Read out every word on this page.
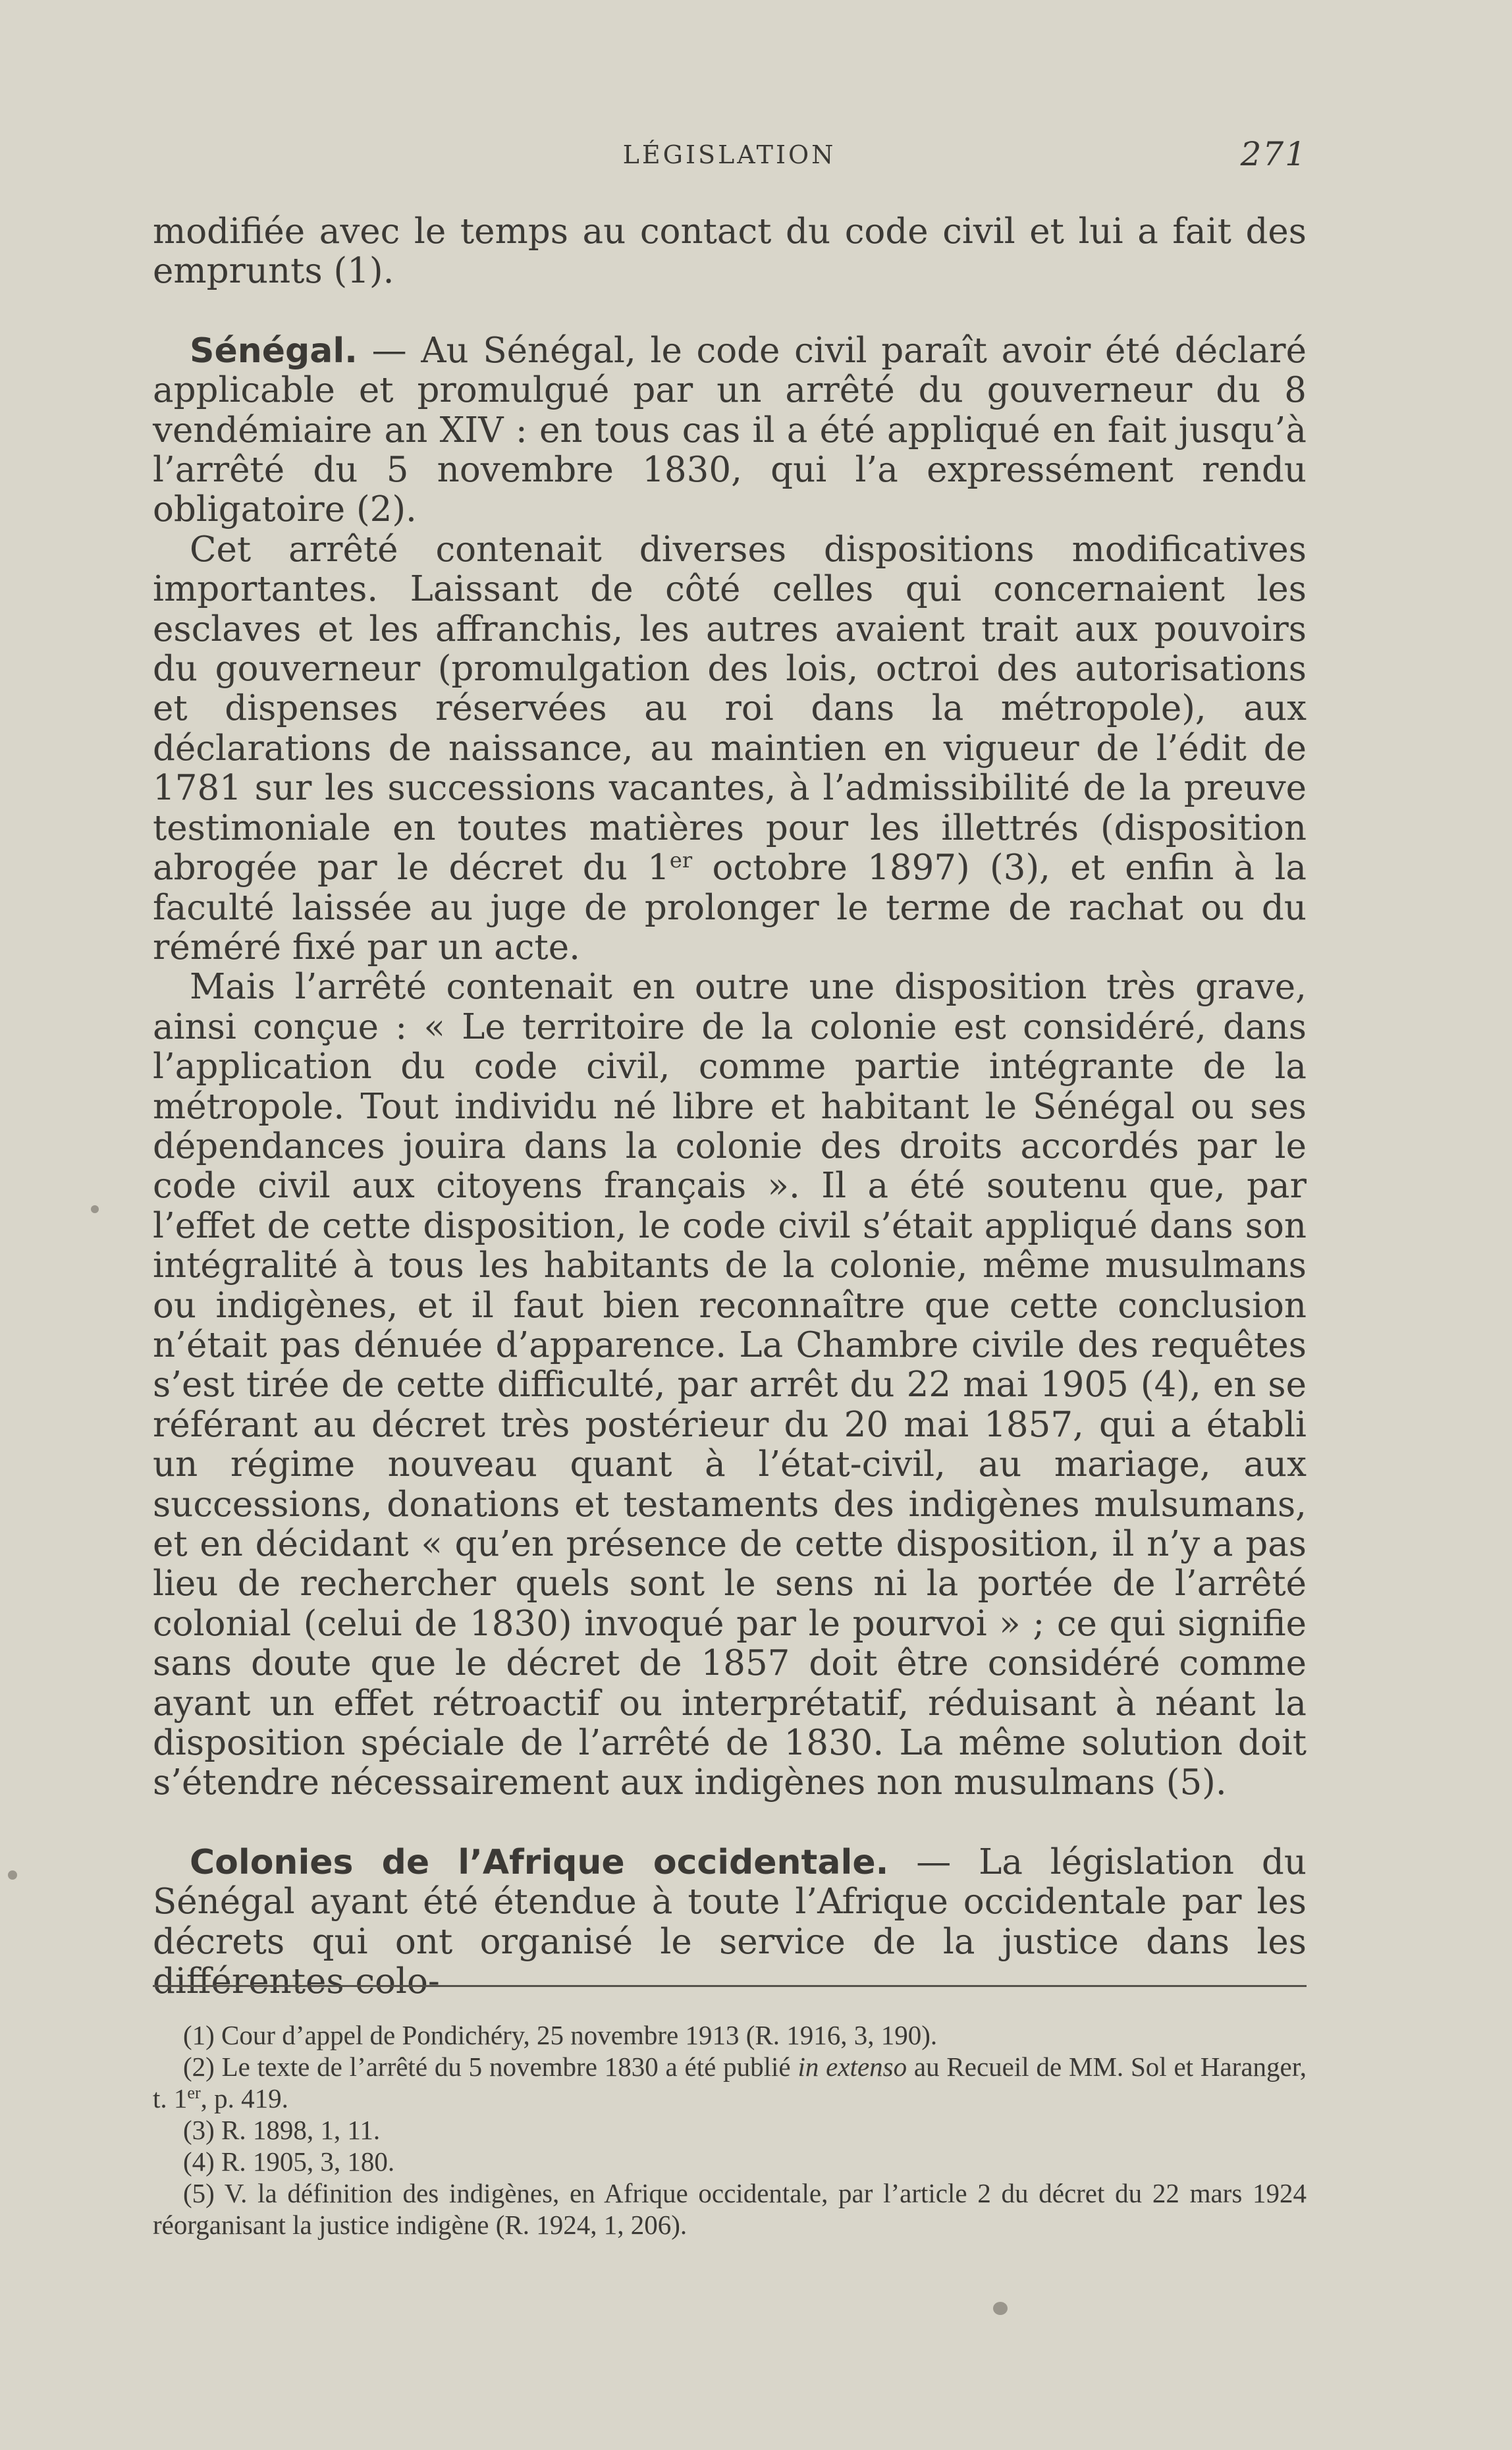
LÉGISLATION	271

modifiée avec le temps au contact du code civil et lui a fait des emprunts (1).

Sénégal. — Au Sénégal, le code civil paraît avoir été déclaré applicable et promulgué par un arrêté du gouverneur du 8 vendémiaire an XIV : en tous cas il a été appliqué en fait jusqu’à l’arrêté du 5 novembre 1830, qui l’a expressément rendu obligatoire (2).

Cet arrêté contenait diverses dispositions modificatives importantes. Laissant de côté celles qui concernaient les esclaves et les affranchis, les autres avaient trait aux pouvoirs du gouverneur (promulgation des lois, octroi des autorisations et dispenses réservées au roi dans la métropole), aux déclarations de naissance, au maintien en vigueur de l’édit de 1781 sur les successions vacantes, à l’admissibilité de la preuve testimoniale en toutes matières pour les illettrés (disposition abrogée par le décret du 1er octobre 1897) (3), et enfin à la faculté laissée au juge de prolonger le terme de rachat ou du réméré fixé par un acte.

Mais l’arrêté contenait en outre une disposition très grave, ainsi conçue : « Le territoire de la colonie est considéré, dans l’application du code civil, comme partie intégrante de la métropole. Tout individu né libre et habitant le Sénégal ou ses dépendances jouira dans la colonie des droits accordés par le code civil aux citoyens français ». Il a été soutenu que, par l’effet de cette disposition, le code civil s’était appliqué dans son intégralité à tous les habitants de la colonie, même musulmans ou indigènes, et il faut bien reconnaître que cette conclusion n’était pas dénuée d’apparence. La Chambre civile des requêtes s’est tirée de cette difficulté, par arrêt du 22 mai 1905 (4), en se référant au décret très postérieur du 20 mai 1857, qui a établi un régime nouveau quant à l’état-civil, au mariage, aux successions, donations et testaments des indigènes mulsumans, et en décidant « qu’en présence de cette disposition, il n’y a pas lieu de rechercher quels sont le sens ni la portée de l’arrêté colonial (celui de 1830) invoqué par le pourvoi » ; ce qui signifie sans doute que le décret de 1857 doit être considéré comme ayant un effet rétroactif ou interprétatif, réduisant à néant la disposition spéciale de l’arrêté de 1830. La même solution doit s’étendre nécessairement aux indigènes non musulmans (5).

Colonies de l’Afrique occidentale. — La législation du Sénégal ayant été étendue à toute l’Afrique occidentale par les décrets qui ont organisé le service de la justice dans les différentes colo-

(1) Cour d’appel de Pondichéry, 25 novembre 1913 (R. 1916, 3, 190).

(2) Le texte de l’arrêté du 5 novembre 1830 a été publié in extenso au Recueil de MM. Sol et Haranger, t. 1er, p. 419.

(3) R. 1898, 1, 11.

(4) R. 1905, 3, 180.

(5) V. la définition des indigènes, en Afrique occidentale, par l’article 2 du décret du 22 mars 1924 réorganisant la justice indigène (R. 1924, 1, 206).
